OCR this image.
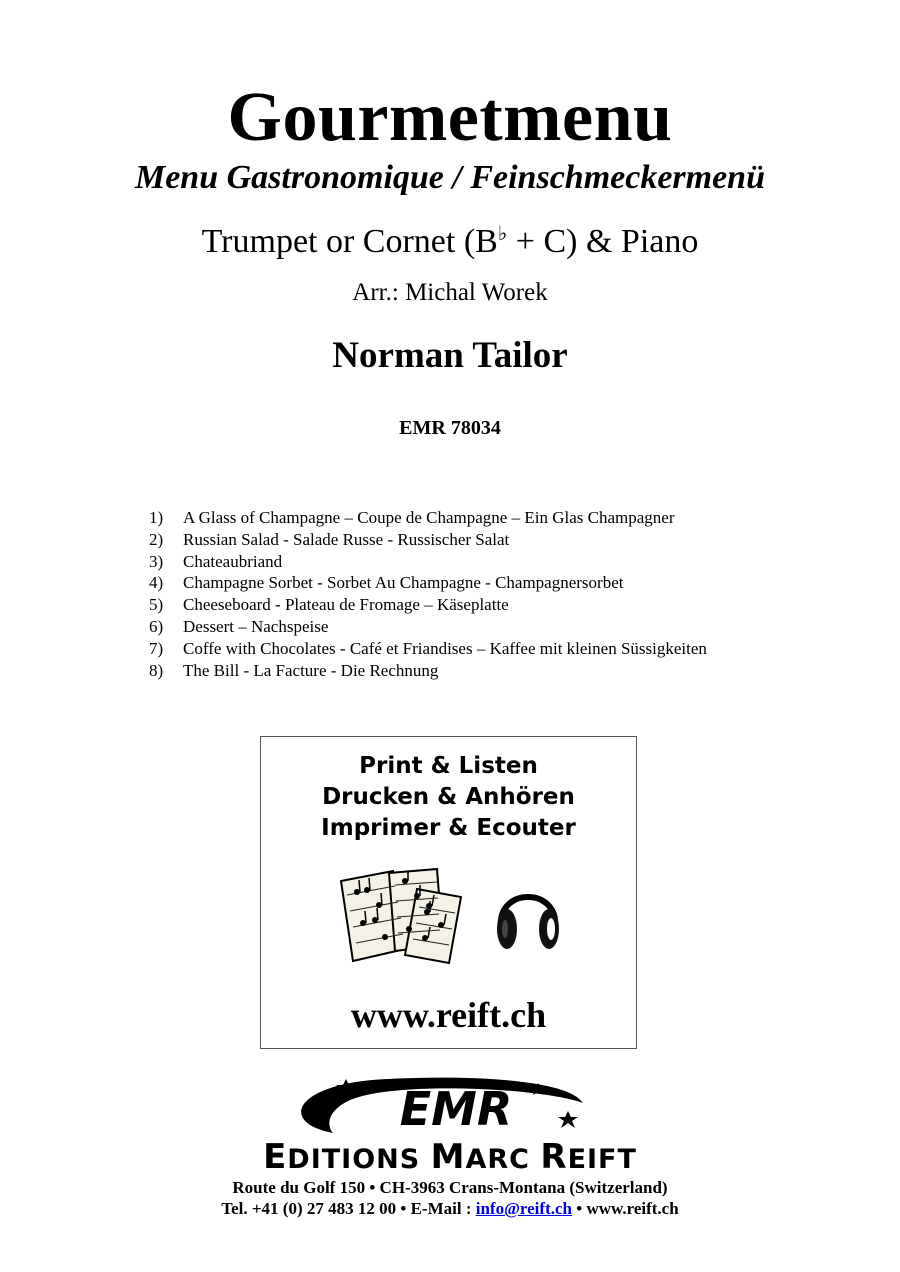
Gourmetmenu
Menu Gastronomique / Feinschmeckermenü
Trumpet or Cornet (B♭ + C) & Piano
Arr.: Michal Worek
Norman Tailor
EMR 78034
1)	A Glass of Champagne – Coupe de Champagne – Ein Glas Champagner
2)	Russian Salad - Salade Russe - Russischer Salat
3)	Chateaubriand
4)	Champagne Sorbet - Sorbet Au Champagne - Champagnersorbet
5)	Cheeseboard - Plateau de Fromage – Käseplatte
6)	Dessert – Nachspeise
7)	Coffe with Chocolates - Café et Friandises – Kaffee mit kleinen Süssigkeiten
8)	The Bill - La Facture - Die Rechnung
Print & Listen
Drucken & Anhören
Imprimer & Ecouter
www.reift.ch
EMR
EDITIONS MARC REIFT
Route du Golf 150 • CH-3963 Crans-Montana (Switzerland)
Tel. +41 (0) 27 483 12 00 • E-Mail : info@reift.ch • www.reift.ch
